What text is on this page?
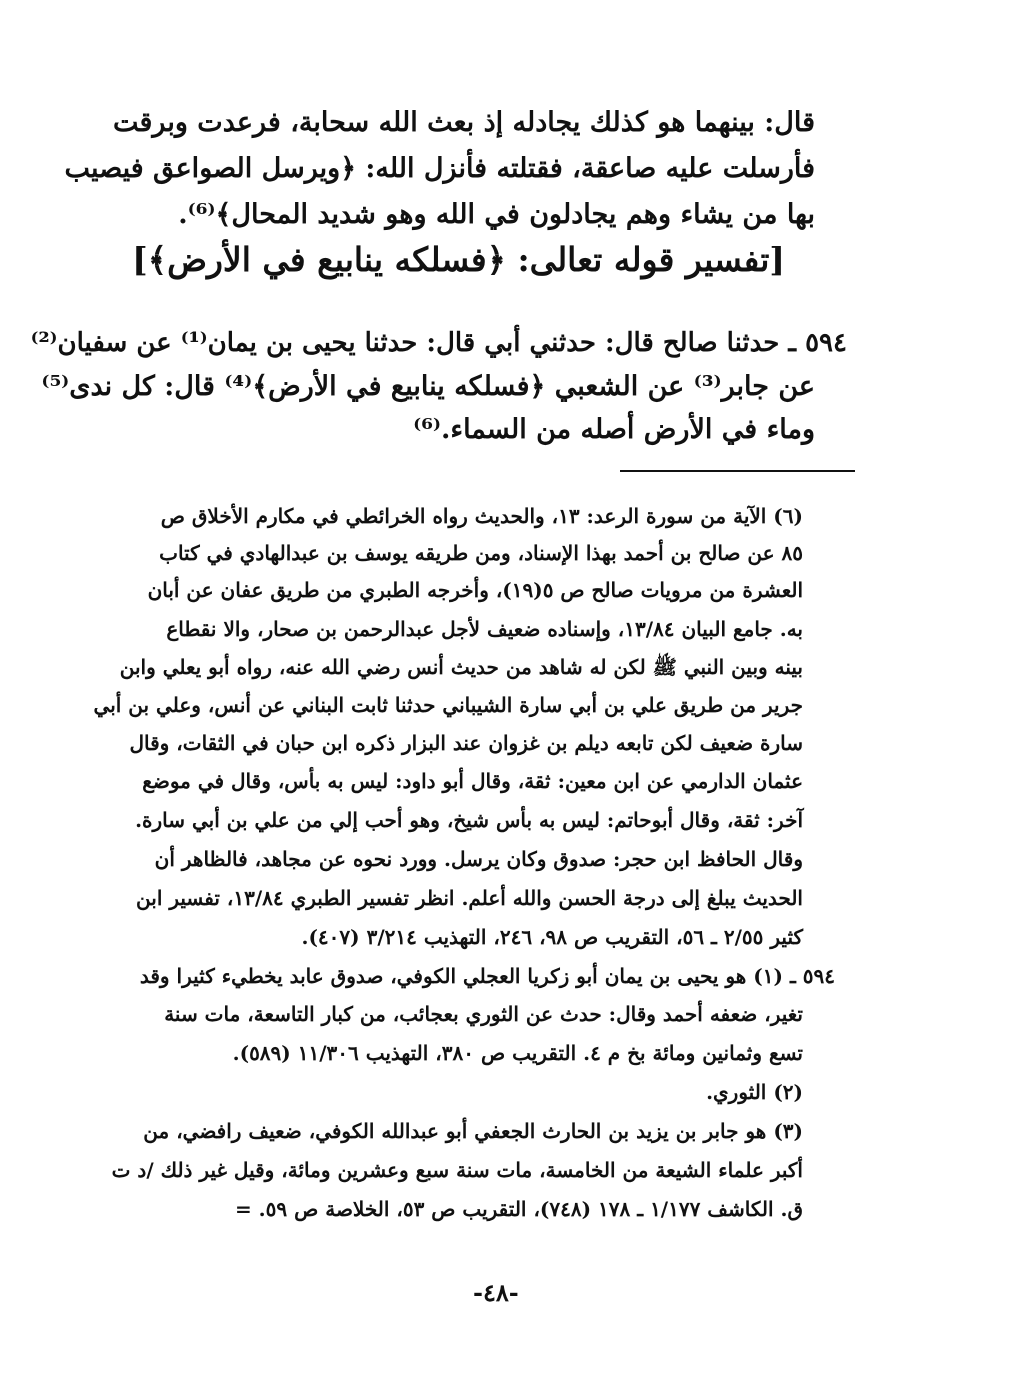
قال: بينهما هو كذلك يجادله إذ بعث الله سحابة، فرعدت وبرقت
فأرسلت عليه صاعقة، فقتلته فأنزل الله: ﴿ويرسل الصواعق فيصيب
بها من يشاء وهم يجادلون في الله وهو شديد المحال﴾⁽⁶⁾.
[تفسير قوله تعالى: ﴿فسلكه ينابيع في الأرض﴾]
٥٩٤ ـ حدثنا صالح قال: حدثني أبي قال: حدثنا يحيى بن يمان⁽¹⁾ عن سفيان⁽²⁾
عن جابر⁽³⁾ عن الشعبي ﴿فسلكه ينابيع في الأرض﴾⁽⁴⁾ قال: كل ندى⁽⁵⁾
وماء في الأرض أصله من السماء.⁽⁶⁾
(٦) الآية من سورة الرعد: ١٣، والحديث رواه الخرائطي في مكارم الأخلاق ص
٨٥ عن صالح بن أحمد بهذا الإسناد، ومن طريقه يوسف بن عبدالهادي في كتاب
العشرة من مرويات صالح ص ٥(١٩)، وأخرجه الطبري من طريق عفان عن أبان
به. جامع البيان ١٣/٨٤، وإسناده ضعيف لأجل عبدالرحمن بن صحار، والا نقطاع
بينه وبين النبي ﷺ لكن له شاهد من حديث أنس رضي الله عنه، رواه أبو يعلي وابن
جرير من طريق علي بن أبي سارة الشيباني حدثنا ثابت البناني عن أنس، وعلي بن أبي
سارة ضعيف لكن تابعه ديلم بن غزوان عند البزار ذكره ابن حبان في الثقات، وقال
عثمان الدارمي عن ابن معين: ثقة، وقال أبو داود: ليس به بأس، وقال في موضع
آخر: ثقة، وقال أبوحاتم: ليس به بأس شيخ، وهو أحب إلي من علي بن أبي سارة.
وقال الحافظ ابن حجر: صدوق وكان يرسل. وورد نحوه عن مجاهد، فالظاهر أن
الحديث يبلغ إلى درجة الحسن والله أعلم. انظر تفسير الطبري ١٣/٨٤، تفسير ابن
كثير ٢/٥٥ ـ ٥٦، التقريب ص ٩٨، ٢٤٦، التهذيب ٣/٢١٤ (٤٠٧).
٥٩٤ ـ (١) هو يحيى بن يمان أبو زكريا العجلي الكوفي، صدوق عابد يخطيء كثيرا وقد
تغير، ضعفه أحمد وقال: حدث عن الثوري بعجائب، من كبار التاسعة، مات سنة
تسع وثمانين ومائة بخ م ٤. التقريب ص ٣٨٠، التهذيب ١١/٣٠٦ (٥٨٩).
(٢) الثوري.
(٣) هو جابر بن يزيد بن الحارث الجعفي أبو عبدالله الكوفي، ضعيف رافضي، من
أكبر علماء الشيعة من الخامسة، مات سنة سبع وعشرين ومائة، وقيل غير ذلك /د ت
ق. الكاشف ١/١٧٧ ـ ١٧٨ (٧٤٨)، التقريب ص ٥٣، الخلاصة ص ٥٩. =
-٤٨-
